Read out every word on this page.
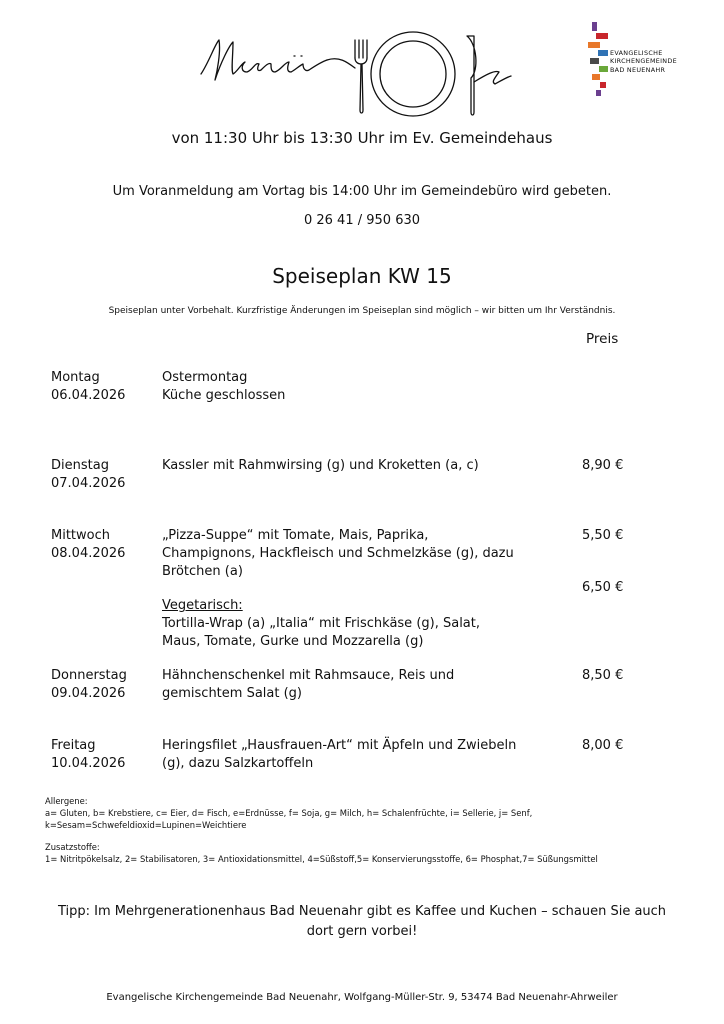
EVANGELISCHE
KIRCHENGEMEINDE
BAD NEUENAHR
von 11:30 Uhr bis 13:30 Uhr im Ev. Gemeindehaus
Um Voranmeldung am Vortag bis 14:00 Uhr im Gemeindebüro wird gebeten.
0 26 41 / 950 630
Speiseplan KW 15
Speiseplan unter Vorbehalt. Kurzfristige Änderungen im Speiseplan sind möglich – wir bitten um Ihr Verständnis.
Preis
Montag
06.04.2026
Ostermontag
Küche geschlossen
Dienstag
07.04.2026
Kassler mit Rahmwirsing (g) und Kroketten (a, c)	8,90 €
Mittwoch
08.04.2026
„Pizza-Suppe“ mit Tomate, Mais, Paprika,
Champignons, Hackfleisch und Schmelzkäse (g), dazu
Brötchen (a)
5,50 €
6,50 €
Vegetarisch:
Tortilla-Wrap (a) „Italia“ mit Frischkäse (g), Salat,
Maus, Tomate, Gurke und Mozzarella (g)
Donnerstag
09.04.2026
Hähnchenschenkel mit Rahmsauce, Reis und
gemischtem Salat (g)
8,50 €
Freitag
10.04.2026
Heringsfilet „Hausfrauen-Art“ mit Äpfeln und Zwiebeln
(g), dazu Salzkartoffeln
8,00 €
Allergene:
a= Gluten, b= Krebstiere, c= Eier, d= Fisch, e=Erdnüsse, f= Soja, g= Milch, h= Schalenfrüchte, i= Sellerie, j= Senf,
k=Sesam=Schwefeldioxid=Lupinen=Weichtiere
Zusatzstoffe:
1= Nitritpökelsalz, 2= Stabilisatoren, 3= Antioxidationsmittel, 4=Süßstoff,5= Konservierungsstoffe, 6= Phosphat,7= Süßungsmittel
Tipp: Im Mehrgenerationenhaus Bad Neuenahr gibt es Kaffee und Kuchen – schauen Sie auch
dort gern vorbei!
Evangelische Kirchengemeinde Bad Neuenahr, Wolfgang-Müller-Str. 9, 53474 Bad Neuenahr-Ahrweiler
